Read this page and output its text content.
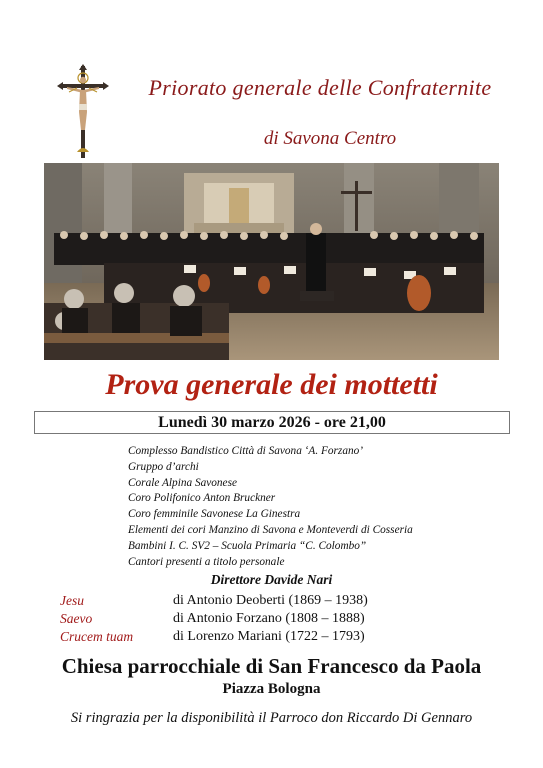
Priorato generale delle Confraternite
di Savona Centro
Prova generale dei mottetti
Lunedì 30 marzo 2026 - ore 21,00
Complesso Bandistico Città di Savona ‘A. Forzano’
Gruppo d’archi
Corale Alpina Savonese
Coro Polifonico Anton Bruckner
Coro femminile Savonese La Ginestra
Elementi dei cori Manzino di Savona e Monteverdi di Cosseria
Bambini I. C. SV2 – Scuola Primaria “C. Colombo”
Cantori presenti a titolo personale
Direttore Davide Nari
Jesu	di Antonio Deoberti (1869 – 1938)
Saevo	di Antonio Forzano (1808 – 1888)
Crucem tuam	di Lorenzo Mariani (1722 – 1793)
Chiesa parrocchiale di San Francesco da Paola
Piazza Bologna
Si ringrazia per la disponibilità il Parroco don Riccardo Di Gennaro
